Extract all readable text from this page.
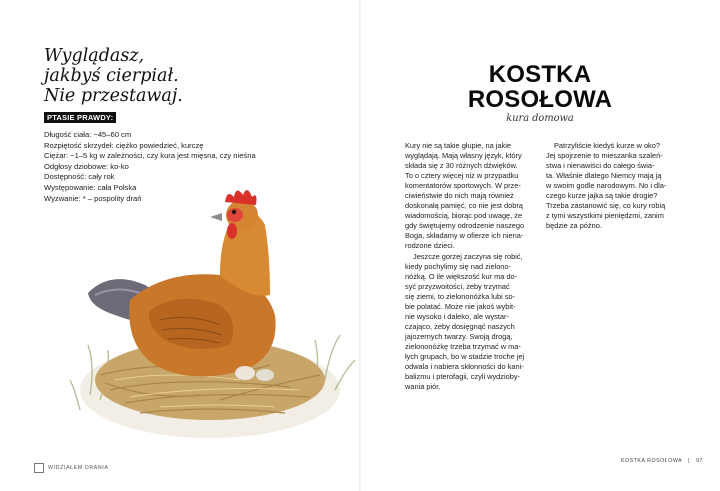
Wyglądasz,
jakbyś cierpiał.
Nie przestawaj.
PTASIE PRAWDY:
Długość ciała: ~45–60 cm
Rozpiętość skrzydeł: ciężko powiedzieć, kurczę
Ciężar: ~1–5 kg w zależności, czy kura jest mięsna, czy nieśna
Odgłosy dziobowe: ko-ko
Dostępność: cały rok
Występowanie: cała Polska
Wyzwanie: * – pospolity drań
WIDZIAŁEM DRANIA
KOSTKA
ROSOŁOWA
kura domowa
Kury nie są takie głupie, na jakie
wyglądają. Mają własny język, który
składa się z 30 różnych dźwięków.
To o cztery więcej niż w przypadku
komentatorów sportowych. W prze-
ciwieństwie do nich mają również
doskonałą pamięć, co nie jest dobrą
wiadomością, biorąc pod uwagę, że
gdy świętujemy odrodzenie naszego
Boga, składamy w ofierze ich nienа-
rodzone dzieci.
Jeszcze gorzej zaczyna się robić,
kiedy pochylimy się nad zielono-
nóżką. O ile większość kur ma do-
syć przyzwoitości, żeby trzymać
się ziemi, to zielononóżka lubi so-
bie polatać. Może nie jakoś wybit-
nie wysoko i daleko, ale wystar-
czająco, żeby dosięgnąć naszych
jajozernych twarzy. Swoją drogą,
zielononóżkę trzeba trzymać w ma-
łych grupach, bo w stadzie troche jej
odwala i nabiera skłonności do kani-
balizmu i pterofagii, czyli wydzioby-
wania piór.
Patrzyliście kiedyś kurze w oko?
Jej spojrzenie to mieszanka szaleń-
stwa i nienawiści do całego świa-
ta. Właśnie dlatego Niemcy mają ją
w swoim godle narodowym. No i dla-
czego kurze jajka są takie drogie?
Trzeba zastanowić się, co kury robią
z tymi wszystkimi pieniędzmi, zanim
będzie za późno.
KOSTKA ROSOŁOWA | 97
